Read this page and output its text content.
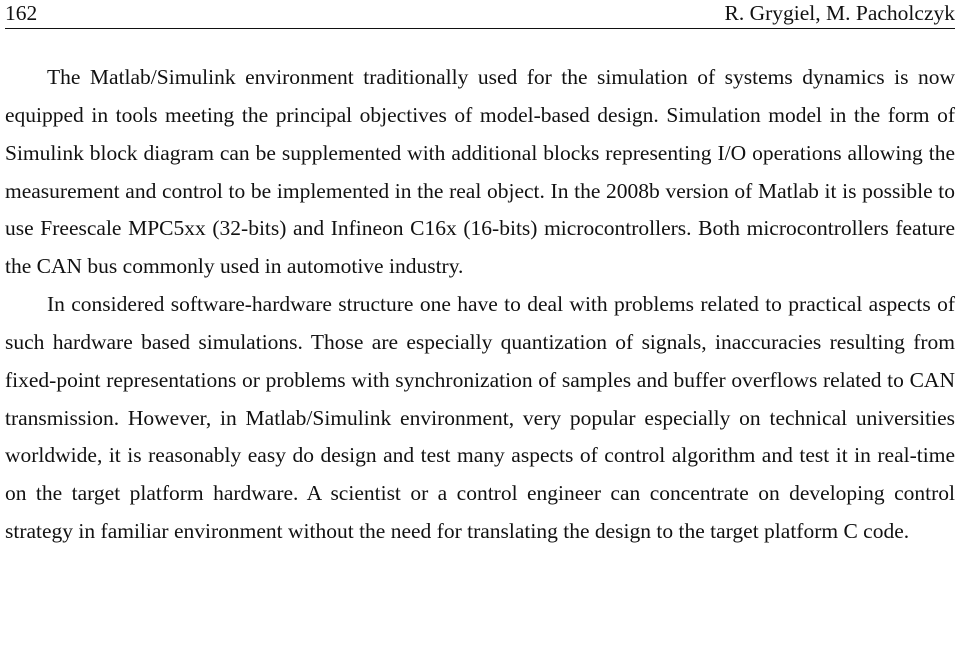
162	R. Grygiel, M. Pacholczyk

The Matlab/Simulink environment traditionally used for the simulation of systems dynamics is now equipped in tools meeting the principal objectives of model-based design. Simulation model in the form of Simulink block diagram can be supplemented with additional blocks representing I/O operations allowing the measurement and control to be implemented in the real object. In the 2008b version of Matlab it is possible to use Freescale MPC5xx (32-bits) and Infineon C16x (16-bits) microcontrollers. Both microcontrollers feature the CAN bus commonly used in automotive industry.

In considered software-hardware structure one have to deal with problems related to practical aspects of such hardware based simulations. Those are especially quantization of signals, inaccuracies resulting from fixed-point representations or problems with synchronization of samples and buffer overflows related to CAN transmission. However, in Matlab/Simulink environment, very popular especially on technical universities worldwide, it is reasonably easy do design and test many aspects of control algorithm and test it in real-time on the target platform hardware. A scientist or a control engineer can concentrate on developing control strategy in familiar environment without the need for translating the design to the target platform C code.
